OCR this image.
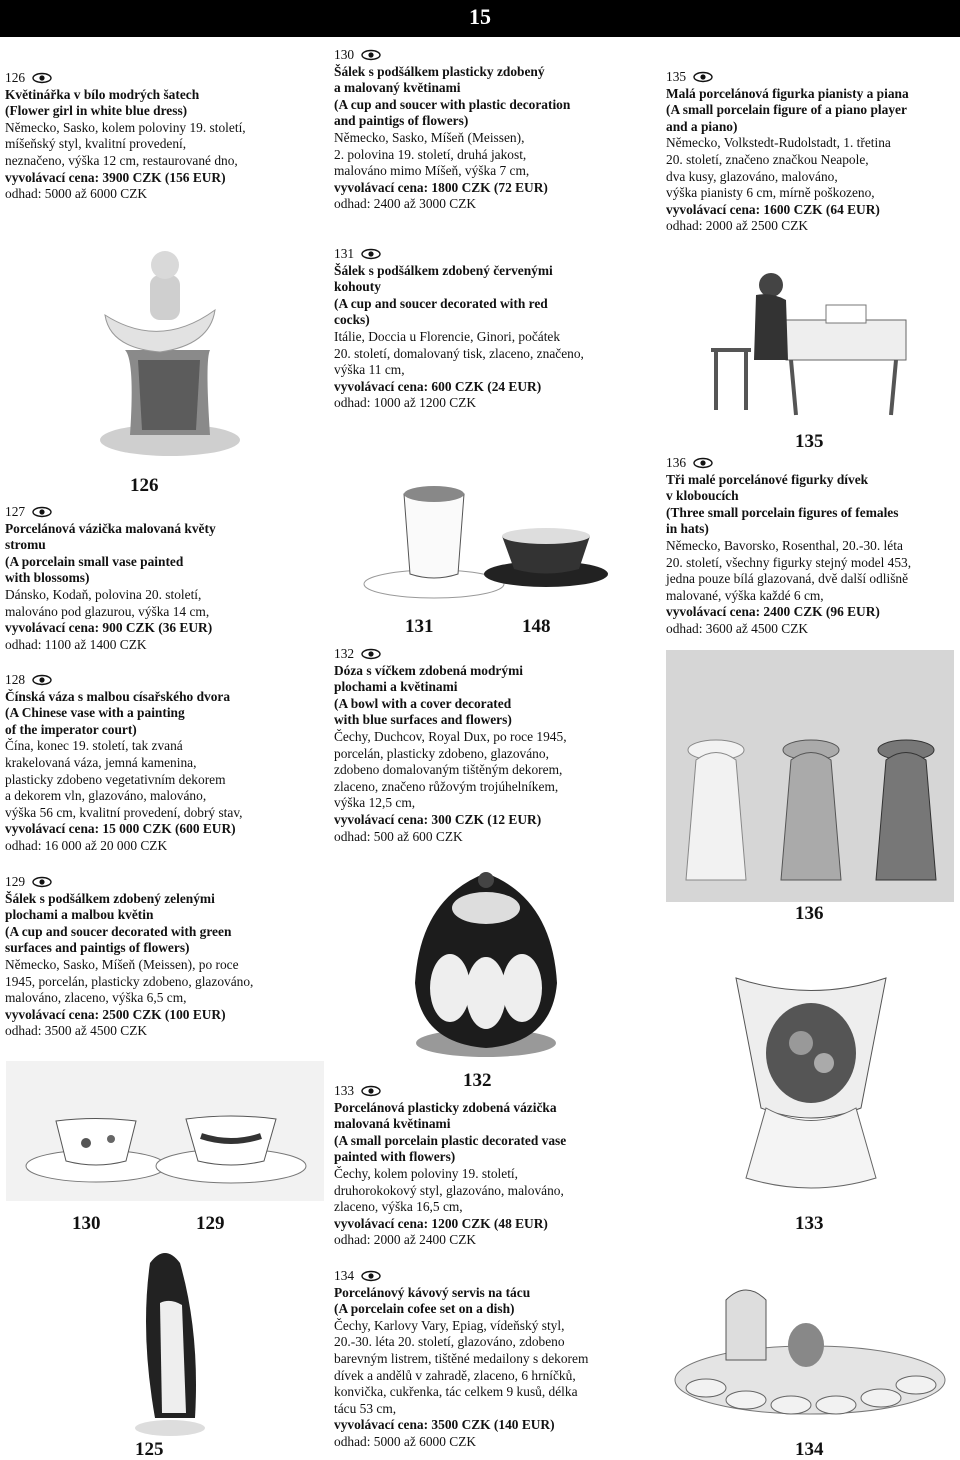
15
126
Květinářka v bílo modrých šatech
(Flower girl in white blue dress)
Německo, Sasko, kolem poloviny 19. století,
míšeňský styl, kvalitní provedení,
neznačeno, výška 12 cm, restaurované dno,
vyvolávací cena: 3900 CZK (156 EUR)
odhad: 5000 až 6000 CZK
127
Porcelánová vázička malovaná květy
stromu
(A porcelain small vase painted
with blossoms)
Dánsko, Kodaň, polovina 20. století,
malováno pod glazurou, výška 14 cm,
vyvolávací cena: 900 CZK (36 EUR)
odhad: 1100 až 1400 CZK
128
Čínská váza s malbou císařského dvora
(A Chinese vase with a painting
of the imperator court)
Čína, konec 19. století, tak zvaná
krakelovaná váza, jemná kamenina,
plasticky zdobeno vegetativním dekorem
a dekorem vln, glazováno, malováno,
výška 56 cm, kvalitní provedení, dobrý stav,
vyvolávací cena: 15 000 CZK (600 EUR)
odhad: 16 000 až 20 000 CZK
129
Šálek s podšálkem zdobený zelenými
plochami a malbou květin
(A cup and soucer decorated with green
surfaces and paintigs of flowers)
Německo, Sasko, Míšeň (Meissen), po roce
1945, porcelán, plasticky zdobeno, glazováno,
malováno, zlaceno, výška 6,5 cm,
vyvolávací cena: 2500 CZK (100 EUR)
odhad: 3500 až 4500 CZK
130
Šálek s podšálkem plasticky zdobený
a malovaný květinami
(A cup and soucer with plastic decoration
and paintigs of flowers)
Německo, Sasko, Míšeň (Meissen),
2. polovina 19. století, druhá jakost,
malováno mimo Míšeň, výška 7 cm,
vyvolávací cena: 1800 CZK (72 EUR)
odhad: 2400 až 3000 CZK
131
Šálek s podšálkem zdobený červenými
kohouty
(A cup and soucer decorated with red
cocks)
Itálie, Doccia u Florencie, Ginori, počátek
20. století, domalovaný tisk, zlaceno, značeno,
výška 11 cm,
vyvolávací cena: 600 CZK (24 EUR)
odhad: 1000 až 1200 CZK
132
Dóza s víčkem zdobená modrými
plochami a květinami
(A bowl with a cover decorated
with blue surfaces and flowers)
Čechy, Duchcov, Royal Dux, po roce 1945,
porcelán, plasticky zdobeno, glazováno,
zdobeno domalovaným tištěným dekorem,
zlaceno, značeno růžovým trojúhelníkem,
výška 12,5 cm,
vyvolávací cena: 300 CZK (12 EUR)
odhad: 500 až 600 CZK
133
Porcelánová plasticky zdobená vázička
malovaná květinami
(A small porcelain plastic decorated vase
painted with flowers)
Čechy, kolem poloviny 19. století,
druhorokokový styl, glazováno, malováno,
zlaceno, výška 16,5 cm,
vyvolávací cena: 1200 CZK (48 EUR)
odhad: 2000 až 2400 CZK
134
Porcelánový kávový servis na tácu
(A porcelain cofee set on a dish)
Čechy, Karlovy Vary, Epiag, vídeňský styl,
20.-30. léta 20. století, glazováno, zdobeno
barevným listrem, tištěné medailony s dekorem
dívek a andělů v zahradě, zlaceno, 6 hrníčků,
konvička, cukřenka, tác celkem 9 kusů, délka
tácu 53 cm,
vyvolávací cena: 3500 CZK (140 EUR)
odhad: 5000 až 6000 CZK
135
Malá porcelánová figurka pianisty a piana
(A small porcelain figure of a piano player
and a piano)
Německo, Volkstedt-Rudolstadt, 1. třetina
20. století, značeno značkou Neapole,
dva kusy, glazováno, malováno,
výška pianisty 6 cm, mírně poškozeno,
vyvolávací cena: 1600 CZK (64 EUR)
odhad: 2000 až 2500 CZK
136
Tři malé porcelánové figurky dívek
v kloboucích
(Three small porcelain figures of females
in hats)
Německo, Bavorsko, Rosenthal, 20.-30. léta
20. století, všechny figurky stejný model 453,
jedna pouze bílá glazovaná, dvě další odlišně
malované, výška každé 6 cm,
vyvolávací cena: 2400 CZK (96 EUR)
odhad: 3600 až 4500 CZK
126
130	129
125
131	148
132
135
136
133
134
